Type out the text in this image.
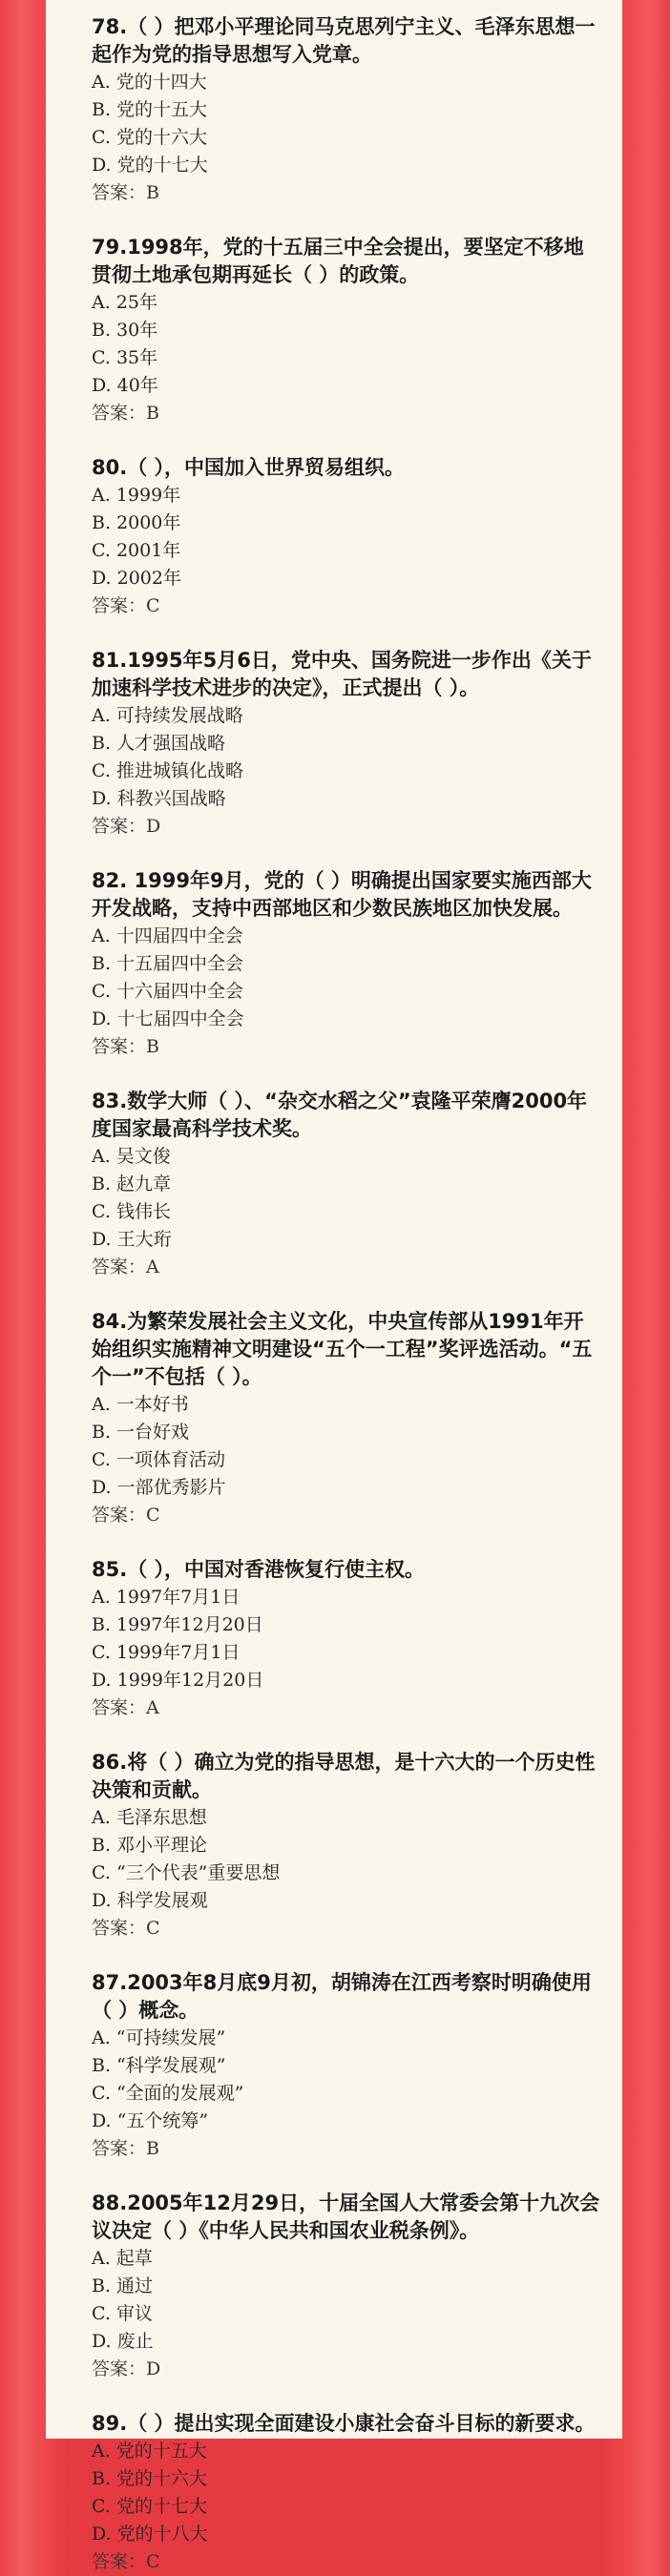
78.（ ）把邓小平理论同马克思列宁主义、毛泽东思想一起作为党的指导思想写入党章。
A. 党的十四大
B. 党的十五大
C. 党的十六大
D. 党的十七大
答案：B
79.1998年，党的十五届三中全会提出，要坚定不移地贯彻土地承包期再延长（ ）的政策。
A. 25年
B. 30年
C. 35年
D. 40年
答案：B
80.（ ），中国加入世界贸易组织。
A. 1999年
B. 2000年
C. 2001年
D. 2002年
答案：C
81.1995年5月6日，党中央、国务院进一步作出《关于加速科学技术进步的决定》，正式提出（ ）。
A. 可持续发展战略
B. 人才强国战略
C. 推进城镇化战略
D. 科教兴国战略
答案：D
82. 1999年9月，党的（ ）明确提出国家要实施西部大开发战略，支持中西部地区和少数民族地区加快发展。
A. 十四届四中全会
B. 十五届四中全会
C. 十六届四中全会
D. 十七届四中全会
答案：B
83.数学大师（ ）、“杂交水稻之父”袁隆平荣膺2000年度国家最高科学技术奖。
A. 吴文俊
B. 赵九章
C. 钱伟长
D. 王大珩
答案：A
84.为繁荣发展社会主义文化，中央宣传部从1991年开始组织实施精神文明建设“五个一工程”奖评选活动。“五个一”不包括（ ）。
A. 一本好书
B. 一台好戏
C. 一项体育活动
D. 一部优秀影片
答案：C
85.（ ），中国对香港恢复行使主权。
A. 1997年7月1日
B. 1997年12月20日
C. 1999年7月1日
D. 1999年12月20日
答案：A
86.将（ ）确立为党的指导思想，是十六大的一个历史性决策和贡献。
A. 毛泽东思想
B. 邓小平理论
C. “三个代表”重要思想
D. 科学发展观
答案：C
87.2003年8月底9月初，胡锦涛在江西考察时明确使用（ ）概念。
A. “可持续发展”
B. “科学发展观”
C. “全面的发展观”
D. “五个统筹”
答案：B
88.2005年12月29日，十届全国人大常委会第十九次会议决定（ ）《中华人民共和国农业税条例》。
A. 起草
B. 通过
C. 审议
D. 废止
答案：D
89.（ ）提出实现全面建设小康社会奋斗目标的新要求。
A. 党的十五大
B. 党的十六大
C. 党的十七大
D. 党的十八大
答案：C
